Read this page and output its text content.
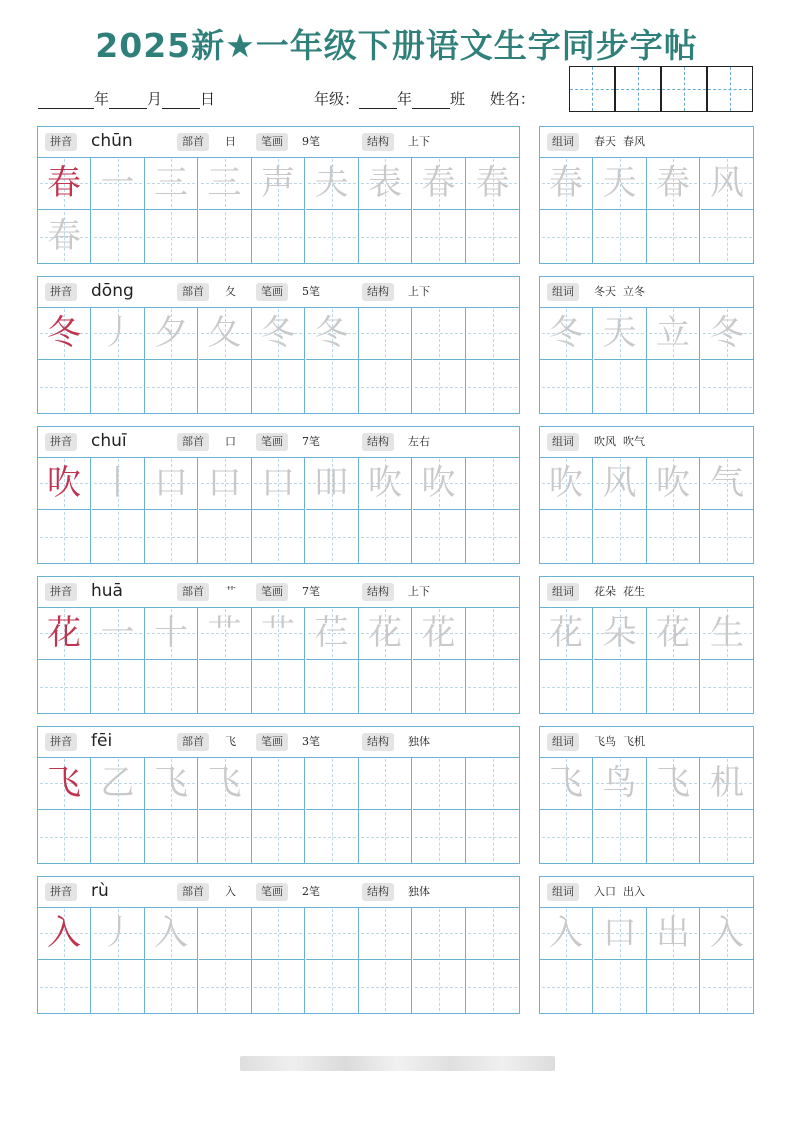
2025新★一年级下册语文生字同步字帖
年	月	日	年级：	年	班 姓名：
拼音 chūn	部首	日	笔画	9笔	结构	上下
春 一 三 三 声 夫 表 春 春
春
组词	春天  春风
春 天 春 风
拼音 dōng	部首	夂	笔画	5笔	结构	上下
冬 丿 夕 夂 冬 冬
组词	冬天  立冬
冬 天 立 冬
拼音 chuī	部首	口	笔画	7笔	结构	左右
吹 丨 口 口 口 吅 吹 吹
组词	吹风  吹气
吹 风 吹 气
拼音 huā	部首	艹	笔画	7笔	结构	上下
花 一 十 艹 艹 芢 花 花
组词	花朵  花生
花 朵 花 生
拼音 fēi	部首	飞	笔画	3笔	结构	独体
飞 乙 飞 飞
组词	飞鸟  飞机
飞 鸟 飞 机
拼音 rù	部首	入	笔画	2笔	结构	独体
入 丿 入
组词	入口  出入
入 口 出 入
